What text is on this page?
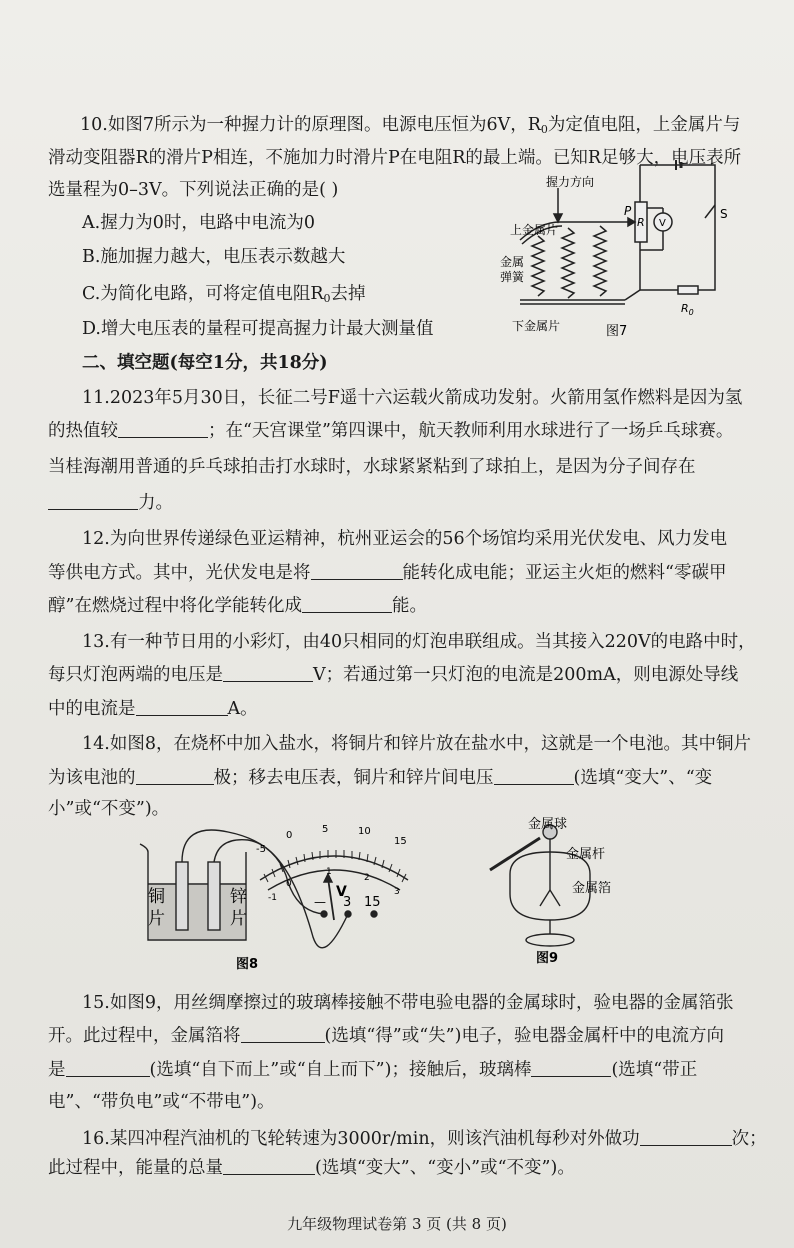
10.如图7所示为一种握力计的原理图。电源电压恒为6V，$R_0$为定值电阻，上金属片与
滑动变阻器R的滑片P相连，不施加力时滑片P在电阻R的最上端。已知R足够大，电压表所
选量程为0–3V。下列说法正确的是( )
A.握力为0时，电路中电流为0
B.施加握力越大，电压表示数越大
C.为简化电路，可将定值电阻$R_0$去掉
D.增大电压表的量程可提高握力计最大测量值
握力方向
上金属片
金属
弹簧
下金属片	图7
P
R V
S
$R_0$
二、填空题(每空1分，共18分)
11.2023年5月30日，长征二号F遥十六运载火箭成功发射。火箭用氢作燃料是因为氢
的热值较	；在“天宫课堂”第四课中，航天教师利用水球进行了一场乒乓球赛。
当桂海潮用普通的乒乓球拍击打水球时，水球紧紧粘到了球拍上，是因为分子间存在
力。
12.为向世界传递绿色亚运精神，杭州亚运会的56个场馆均采用光伏发电、风力发电
等供电方式。其中，光伏发电是将	能转化成电能；亚运主火炬的燃料“零碳甲
醇”在燃烧过程中将化学能转化成	能。
13.有一种节日用的小彩灯，由40只相同的灯泡串联组成。当其接入220V的电路中时，
每只灯泡两端的电压是	V；若通过第一只灯泡的电流是200mA，则电源处导线
中的电流是	A。
14.如图8，在烧杯中加入盐水，将铜片和锌片放在盐水中，这就是一个电池。其中铜片
为该电池的	极；移去电压表，铜片和锌片间电压	(选填“变大”、“变
小”或“不变”)。
-5
0
5	10
15
-1
0
1
2
3
V
— 3 15
铜
片
锌
片
图8
金属球
金属杆
金属箔
图9
15.如图9，用丝绸摩擦过的玻璃棒接触不带电验电器的金属球时，验电器的金属箔张
开。此过程中，金属箔将	(选填“得”或“失”)电子，验电器金属杆中的电流方向
是	(选填“自下而上”或“自上而下”)；接触后，玻璃棒	(选填“带正
电”、“带负电”或“不带电”)。
16.某四冲程汽油机的飞轮转速为3000r/min，则该汽油机每秒对外做功	次；
此过程中，能量的总量	(选填“变大”、“变小”或“不变”)。
九年级物理试卷第 3 页 (共 8 页)
